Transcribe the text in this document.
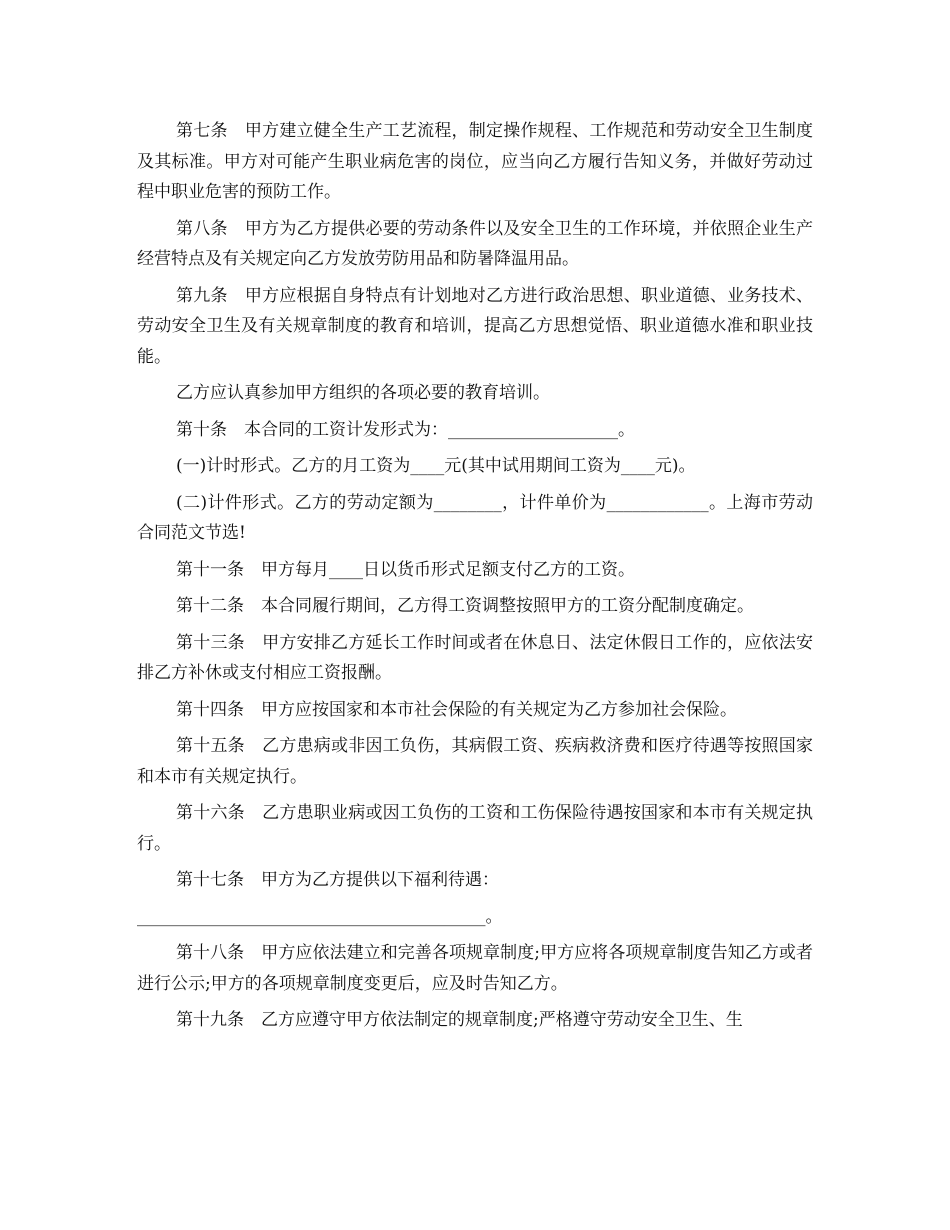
第七条　甲方建立健全生产工艺流程，制定操作规程、工作规范和劳动安全卫生制度及其标准。甲方对可能产生职业病危害的岗位，应当向乙方履行告知义务，并做好劳动过程中职业危害的预防工作。

第八条　甲方为乙方提供必要的劳动条件以及安全卫生的工作环境，并依照企业生产经营特点及有关规定向乙方发放劳防用品和防暑降温用品。

第九条　甲方应根据自身特点有计划地对乙方进行政治思想、职业道德、业务技术、劳动安全卫生及有关规章制度的教育和培训，提高乙方思想觉悟、职业道德水准和职业技能。

乙方应认真参加甲方组织的各项必要的教育培训。

第十条　本合同的工资计发形式为：____________________。

(一)计时形式。乙方的月工资为____元(其中试用期间工资为____元)。

(二)计件形式。乙方的劳动定额为________，计件单价为____________。上海市劳动合同范文节选!

第十一条　甲方每月____日以货币形式足额支付乙方的工资。

第十二条　本合同履行期间，乙方得工资调整按照甲方的工资分配制度确定。

第十三条　甲方安排乙方延长工作时间或者在休息日、法定休假日工作的，应依法安排乙方补休或支付相应工资报酬。

第十四条　甲方应按国家和本市社会保险的有关规定为乙方参加社会保险。

第十五条　乙方患病或非因工负伤，其病假工资、疾病救济费和医疗待遇等按照国家和本市有关规定执行。

第十六条　乙方患职业病或因工负伤的工资和工伤保险待遇按国家和本市有关规定执行。

第十七条　甲方为乙方提供以下福利待遇：

_________________________________________。

第十八条　甲方应依法建立和完善各项规章制度;甲方应将各项规章制度告知乙方或者进行公示;甲方的各项规章制度变更后，应及时告知乙方。

第十九条　乙方应遵守甲方依法制定的规章制度;严格遵守劳动安全卫生、生
